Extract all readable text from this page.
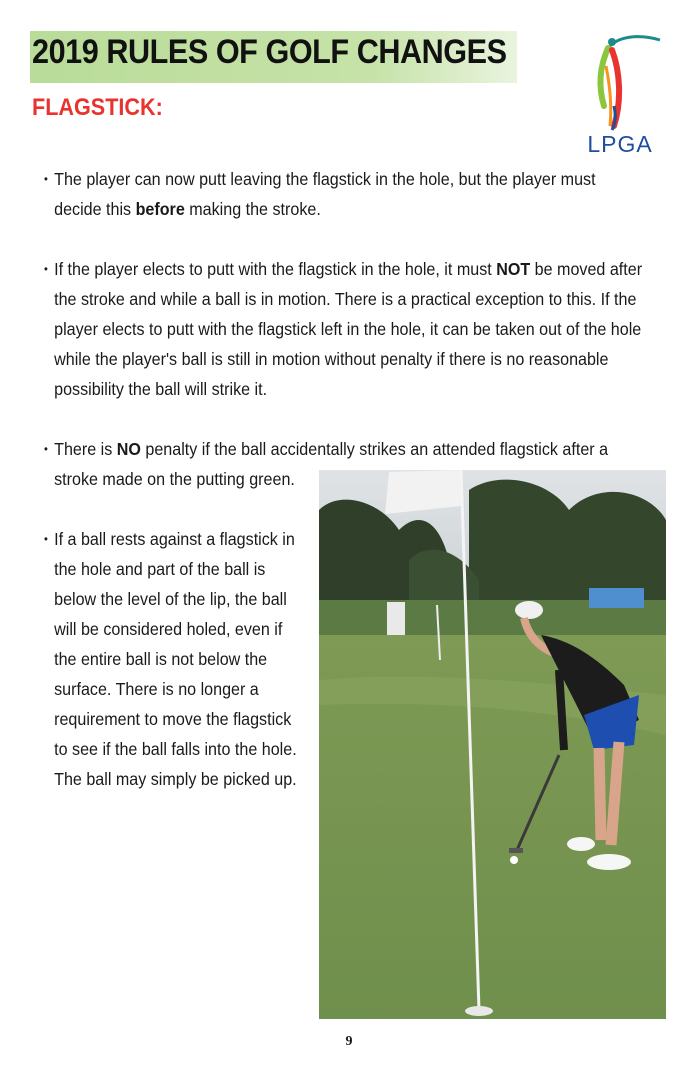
2019 RULES OF GOLF CHANGES
FLAGSTICK:
LPGA

• The player can now putt leaving the flagstick in the hole, but the player must decide this before making the stroke.

• If the player elects to putt with the flagstick in the hole, it must NOT be moved after the stroke and while a ball is in motion. There is a practical exception to this. If the player elects to putt with the flagstick left in the hole, it can be taken out of the hole while the player's ball is still in motion without penalty if there is no reasonable possibility the ball will strike it.

• There is NO penalty if the ball accidentally strikes an attended flagstick after a stroke made on the putting green.

• If a ball rests against a flagstick in the hole and part of the ball is below the level of the lip, the ball will be considered holed, even if the entire ball is not below the surface. There is no longer a requirement to move the flagstick to see if the ball falls into the hole. The ball may simply be picked up.

9
